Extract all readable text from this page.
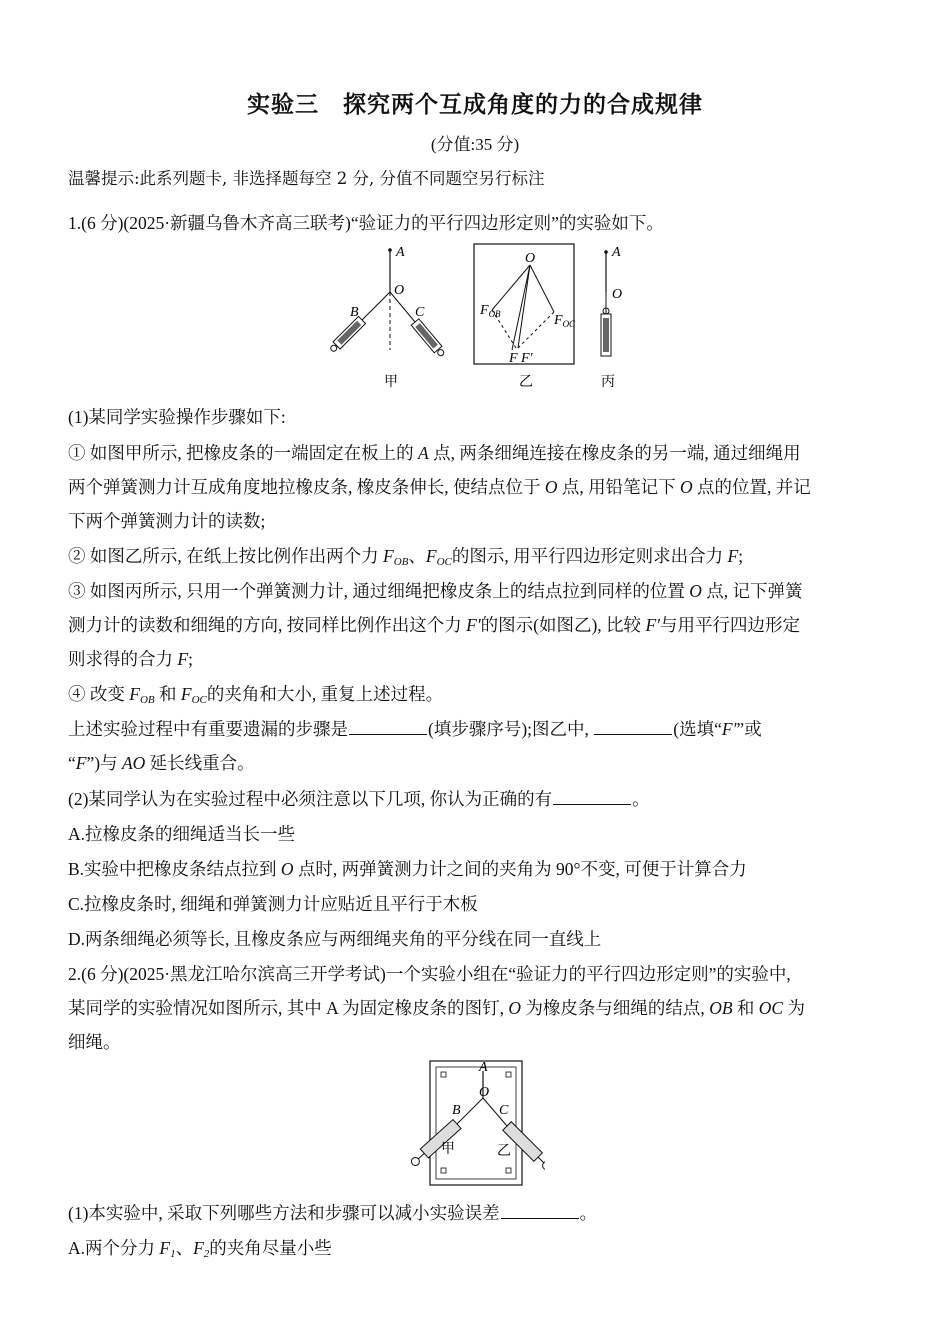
实验三　探究两个互成角度的力的合成规律
(分值:35 分)
温馨提示:此系列题卡, 非选择题每空 2 分, 分值不同题空另行标注
1.(6 分)(2025·新疆乌鲁木齐高三联考)“验证力的平行四边形定则”的实验如下。
A
O
B	C
甲
O
$F_{OB}$	$F_{OC}$
F F′
乙
A
O
丙
(1)某同学实验操作步骤如下:
① 如图甲所示, 把橡皮条的一端固定在板上的 A 点, 两条细绳连接在橡皮条的另一端, 通过细绳用
两个弹簧测力计互成角度地拉橡皮条, 橡皮条伸长, 使结点位于 O 点, 用铅笔记下 O 点的位置, 并记
下两个弹簧测力计的读数;
② 如图乙所示, 在纸上按比例作出两个力 $F_{OB}$、$F_{OC}$的图示, 用平行四边形定则求出合力 F;
③ 如图丙所示, 只用一个弹簧测力计, 通过细绳把橡皮条上的结点拉到同样的位置 O 点, 记下弹簧
测力计的读数和细绳的方向, 按同样比例作出这个力 F′的图示(如图乙), 比较 F′与用平行四边形定
则求得的合力 F;
④ 改变 $F_{OB}$ 和 $F_{OC}$的夹角和大小, 重复上述过程。
上述实验过程中有重要遗漏的步骤是	(填步骤序号);图乙中,	(选填“F′”或
“F”)与 AO 延长线重合。
(2)某同学认为在实验过程中必须注意以下几项, 你认为正确的有	。
A.拉橡皮条的细绳适当长一些
B.实验中把橡皮条结点拉到 O 点时, 两弹簧测力计之间的夹角为 90°不变, 可便于计算合力
C.拉橡皮条时, 细绳和弹簧测力计应贴近且平行于木板
D.两条细绳必须等长, 且橡皮条应与两细绳夹角的平分线在同一直线上
2.(6 分)(2025·黑龙江哈尔滨高三开学考试)一个实验小组在“验证力的平行四边形定则”的实验中,
某同学的实验情况如图所示, 其中 A 为固定橡皮条的图钉, O 为橡皮条与细绳的结点, OB 和 OC 为
细绳。
A
O
B	C
甲	乙
(1)本实验中, 采取下列哪些方法和步骤可以减小实验误差	。
A.两个分力 $F_1$、$F_2$的夹角尽量小些
